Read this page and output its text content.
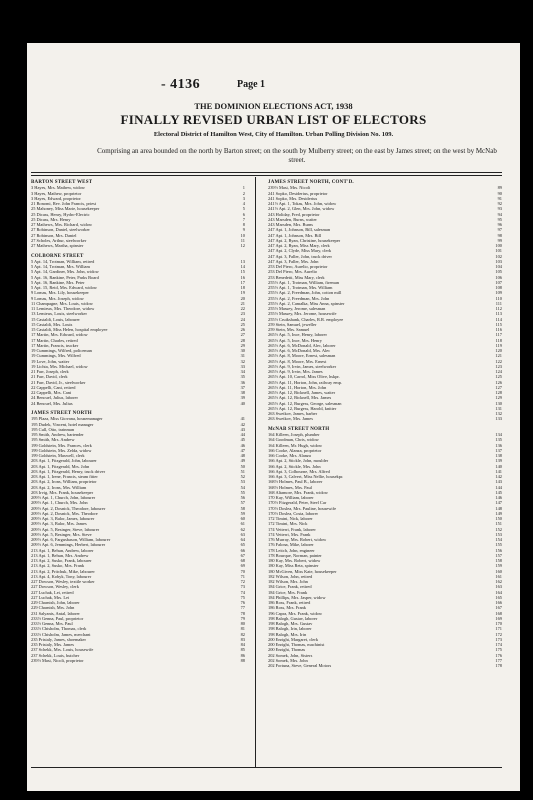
- 4136	Page 1
THE DOMINION ELECTIONS ACT, 1938
FINALLY REVISED URBAN LIST OF ELECTORS
Electoral District of Hamilton West, City of Hamilton. Urban Polling Division No. 109.
Comprising an area bounded on the north by Barton street; on the south by Mulberry street; on the east by James street; on the west by McNab street.
BARTON STREET WEST
3 Hayes, Mrs. Mathew, widow	1
3 Hayes, Mathew, proprietor	2
3 Hayes, Edward, proprietor	3
21 Bonomi, Rev. John Francis, priest	4
25 Mahoney, Miss Marie, housekeeper	5
25 Dicass, Henry, Hydro-Electric	6
25 Dicass, Mrs. Henry	7
27 Mathews, Mrs. Richard, widow	8
27 Robinson, Daniel, steelworker	9
27 Robinson, Mrs. Daniel	10
27 Scholes, Arthur, steelworker	11
27 Mathews, Martha, spinster	12
COLBORNE STREET
5 Apt. 14, Trotman, William, retired	13
5 Apt. 14, Trotman, Mrs. William	14
5 Apt. 14, Gardiner, Mrs. John, widow	15
5 Apt. 16, Rankine, Peter, Parks Board	16
5 Apt. 16, Rankine, Mrs. Peter	17
5 Apt. 15, Reid, Mrs. Edward, widow	18
9 Lomas, Mrs. Lily, housekeeper	19
9 Lomas, Mrs. Joseph, widow	20
11 Champagne, Mrs. Louis, widow	21
11 Lemieux, Mrs. Theodore, widow	22
13 Lemieux, Louis, steelworker	23
15 Castaldi, Louis, labourer	24
15 Castaldi, Mrs. Louis	25
15 Castaldi, Miss Helen, hospital employee	26
17 Martin, Mrs. Edward, widow	27
17 Martin, Charles, retired	28
17 Martin, Francis, trucker	29
19 Cummings, Wilfred, policeman	30
19 Cummings, Mrs. Wilfred	31
19 Love, John, waiter	32
19 Lichta, Mrs. Michael, widow	33
21 Farr, Joseph, clerk	34
21 Farr, David, clerk	35
21 Farr, David, Jr., steelworker	36
22 Cappelli, Cani, retired	37
22 Cappelli, Mrs. Cani	38
24 Bencuel, Julius, laborer	39
24 Bencuel, Mrs. Julius	40
JAMES STREET NORTH
195 Plaza, Miss Giovana, housemanager	41
195 Dudek, Vincent, hotel manager	42
195 Cull, Otto, trainman	43
195 Smith, Andrew, bartender	44
195 Smith, Mrs. Andrew	45
199 Goldstein, Mrs. Frances, clerk	46
199 Goldstein, Mrs. Zelda, widow	47
199 Goldstein, Maxwell, clerk	48
203 Apt. 1, Fitzgerald, John, labourer	49
203 Apt. 1, Fitzgerald, Mrs. John	50
203 Apt. 1, Fitzgerald, Henry, truck driver	51
203 Apt. 1, Irene, Francis, steam fitter	52
203 Apt. 2, Irons, William, proprietor	53
203 Apt. 2, Irons, Mrs. William	54
203 Irvig, Mrs. Frank, housekeeper	55
209½ Apt. 1, Church, John, labourer	56
209½ Apt. 1, Church, Mrs. John	57
209½ Apt. 2, Dosnick, Theodore, labourer	58
209½ Apt. 2, Dosnick, Mrs. Theodore	59
209½ Apt. 3, Balor, James, labourer	60
209½ Apt. 3, Balor, Mrs. James	61
209½ Apt. 5, Besinger, Steve, labourer	62
209½ Apt. 5, Besinger, Mrs. Steve	63
209½ Apt. 6, Fargusbason, William, labourer	64
209½ Apt. 6, Jemmings, Herbert, labourer	65
213 Apt. 1, Behun, Andrew, laborer	66
213 Apt. 1, Behun, Mrs. Andrew	67
213 Apt. 2, Susko, Frank, labourer	68
213 Apt. 2, Susko, Mrs. Frank	69
213 Apt. 2, Pritchuk, Mike, labourer	70
213 Apt. 4, Kobyk, Tony, labourer	71
227 Dowson, Wesley, textile worker	72
227 Dowson, Wesley, clerk	73
227 Luchak, Lei, retired	74
227 Luchak, Mrs. Lei	75
229 Charnish, John, laborer	76
229 Charnish, Mrs. John	77
231 Salyanis, Antal, laborer	78
233½ Genna, Paul, proprietor	79
233½ Genna, Mrs. Paul	80
233½ Chisholm, Thomas, clerk	81
233½ Chisholm, James, merchant	82
235 Pristaly, James, shoemaker	83
235 Pristaly, Mrs. James	84
237 Schekk, Mrs. Louis, housewife	85
237 Schekk, Louis, butcher	86
239½ Masi, Nicoli, proprietor	88
JAMES STREET NORTH, CONT'D.
239½ Masi, Mrs. Nicoli	89
241 Sopko, Desiderius, proprietor	90
241 Sopko, Mrs. Desiderius	91
241½ Apt. 1, Tokas, Mrs. John, widow	92
241½ Apt. 2, Glen, Mrs. John, widow	93
243 Holiday, Fred, proprietor	94
243 Marsden, Burns, waiter	95
243 Marsden, Mrs. Burns	96
247 Apt. 1, Johnson, Bill, salesman	97
247 Apt. 1, Johnson, Mrs. Bill	98
247 Apt. 2, Ryan, Christine, housekeeper	99
247 Apt. 2, Ryan, Miss Mary, clerk	100
247 Apt. 2, Clyde, Miss Mary, clerk	101
247 Apt. 3, Faller, John, truck driver	102
247 Apt. 3, Faller, Mrs. John	103
253 Del Piero, Aurelio, proprietor	104
253 Del Piero, Mrs. Aurelio	105
253 Benedetti, Miss Mary, clerk	106
255½ Apt. 1, Trotman, William, fireman	107
255½ Apt. 1, Trotman, Mrs. William	108
255½ Apt. 2, Freedman, John, cotton mill	109
255½ Apt. 2, Freedman, Mrs. John	110
255½ Apt. 2, Camalka, Miss Anna, spinster	111
255½ Massey, Jerome, salesman	112
255½ Massey, Mrs. Jerome, housewife	113
255½ Cruikshank, Charles, R.R. employee	114
259 Stein, Samuel, jeweller	115
259 Stein, Mrs. Samuel	116
265½ Apt. 5, Ince, Henry, laborer	117
265½ Apt. 5, Ince, Mrs. Henry	118
265½ Apt. 6, McDonald, Alec, laborer	119
265½ Apt. 6, McDonald, Mrs. Alec	120
265½ Apt. 8, Moore, Ernest, salesman	121
265½ Apt. 8, Moore, Mrs. Ernest	122
265½ Apt. 9, Irvin, James, steelworker	123
265½ Apt. 9, Irvin, Mrs. James	124
265½ Apt. 10, Carrol, Miss Olive, hskpr.	125
265½ Apt. 11, Horton, John, railway emp.	126
265½ Apt. 11, Horton, Mrs. John	127
265½ Apt. 12, Bicknell, James, waiter	128
265½ Apt. 12, Bicknell, Mrs. James	129
265½ Apt. 12, Burgess, George, salesman	130
265½ Apt. 12, Burgess, Harold, knitter	131
263 Swetkov, James, barber	132
263 Swetkov, Mrs. James	133
McNAB STREET NORTH
164 Killeen, Joseph, plumber	134
164 Goodman, Chris, widow	135
164 Killeen, Mr. Hugh, widow	136
166 Cooke, Alanza, proprietor	137
166 Cooke, Mrs. Alanza	138
166 Apt. 2, Stickle, John, moulder	139
166 Apt. 2, Stickle, Mrs. John	140
166 Apt. 3, Colbourne, Mrs. Alfred	141
166 Apt. 3, Calvert, Miss Nellie, housekpr.	142
168½ Holmes, Paul B., laborer	143
168½ Holmes, Mrs. Paul	144
168 Altamore, Mrs. Frank, widow	145
170 Kay, William, laborer	146
170½ Fitzgerald, Peter, Steel Car	147
170½ Doslea, Mrs. Pauline, housewife	148
170½ Doslea, Costa, laborer	149
172 Timini, Nick, laborer	150
172 Timini, Mrs. Nick	151
174 Vetterri, Frank, laborer	152
174 Vetterri, Mrs. Frank	153
176 Murray, Mrs. Robert, widow	154
176 Falona, Mike, laborer	155
178 Leitch, John, engineer	156
178 Bourque, Norman, painter	157
180 Kay, Mrs. Robert, widow	158
180 Kay, Miss Reta, spinster	159
180 McGiven, Miss Kate, housekeeper	160
182 Wilson, John, retired	161
182 Wilson, Mrs. John	162
184 Grice, Frank, retired	163
184 Grice, Mrs. Frank	164
184 Phillips, Mrs. Jasper, widow	165
186 Ross, Frank, retired	166
186 Ross, Mrs. Frank	167
196 Capra, Mrs. Frank, widow	168
198 Balogh, Gustav, laborer	169
198 Balogh, Mrs. Gustav	170
198 Balogh, Irin, laborer	171
198 Balogh, Mrs. Irin	172
200 Enright, Margaret, clerk	173
200 Enright, Thomas, machinist	174
200 Enright, Thomas	175
202 Somek, John, Sisters	176
202 Somek, Mrs. John	177
202 Fortuna, Steve, General Motors	178
